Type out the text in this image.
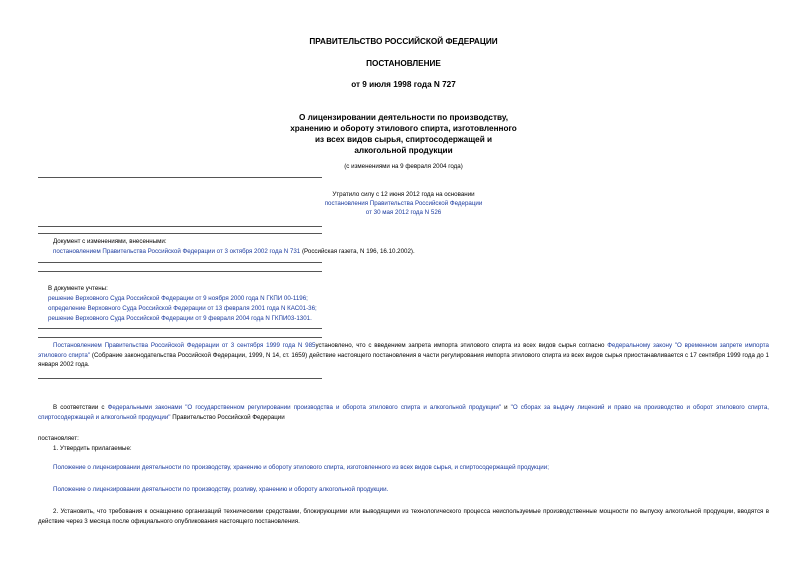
ПРАВИТЕЛЬСТВО РОССИЙСКОЙ ФЕДЕРАЦИИ
ПОСТАНОВЛЕНИЕ
от 9 июля 1998 года N 727
О лицензировании деятельности по производству,
хранению и обороту этилового спирта, изготовленного
из всех видов сырья, спиртосодержащей и
алкогольной продукции
(с изменениями на 9 февраля 2004 года)
Утратило силу с 12 июня 2012 года на основании
постановления Правительства Российской Федерации
от 30 мая 2012 года N 526
Документ с изменениями, внесенными:
постановлением Правительства Российской Федерации от 3 октября 2002 года N 731 (Российская газета, N 196, 16.10.2002).
В документе учтены:
решение Верховного Суда Российской Федерации от 9 ноября 2000 года N ГКПИ 00-1196;
определение Верховного Суда Российской Федерации от 13 февраля 2001 года N КАС01-36;
решение Верховного Суда Российской Федерации от 9 февраля 2004 года N ГКПИ03-1301.
Постановлением Правительства Российской Федерации от 3 сентября 1999 года N 985установлено, что с введением запрета импорта этилового спирта из всех видов сырья согласно Федеральному закону "О временном запрете импорта этилового спирта" (Собрание законодательства Российской Федерации, 1999, N 14, ст. 1659) действие настоящего постановления в части регулирования импорта этилового спирта из всех видов сырья приостанавливается с 17 сентября 1999 года до 1 января 2002 года.
В соответствии с Федеральными законами "О государственном регулировании производства и оборота этилового спирта и алкогольной продукции" и "О сборах за выдачу лицензий и право на производство и оборот этилового спирта, спиртосодержащей и алкогольной продукции" Правительство Российской Федерации
постановляет:
1. Утвердить прилагаемые:
Положение о лицензировании деятельности по производству, хранению и обороту этилового спирта, изготовленного из всех видов сырья, и спиртосодержащей продукции;
Положение о лицензировании деятельности по производству, розливу, хранению и обороту алкогольной продукции.
2. Установить, что требования к оснащению организаций техническими средствами, блокирующими или выводящими из технологического процесса неиспользуемые производственные мощности по выпуску алкогольной продукции, вводятся в действие через 3 месяца после официального опубликования настоящего постановления.
